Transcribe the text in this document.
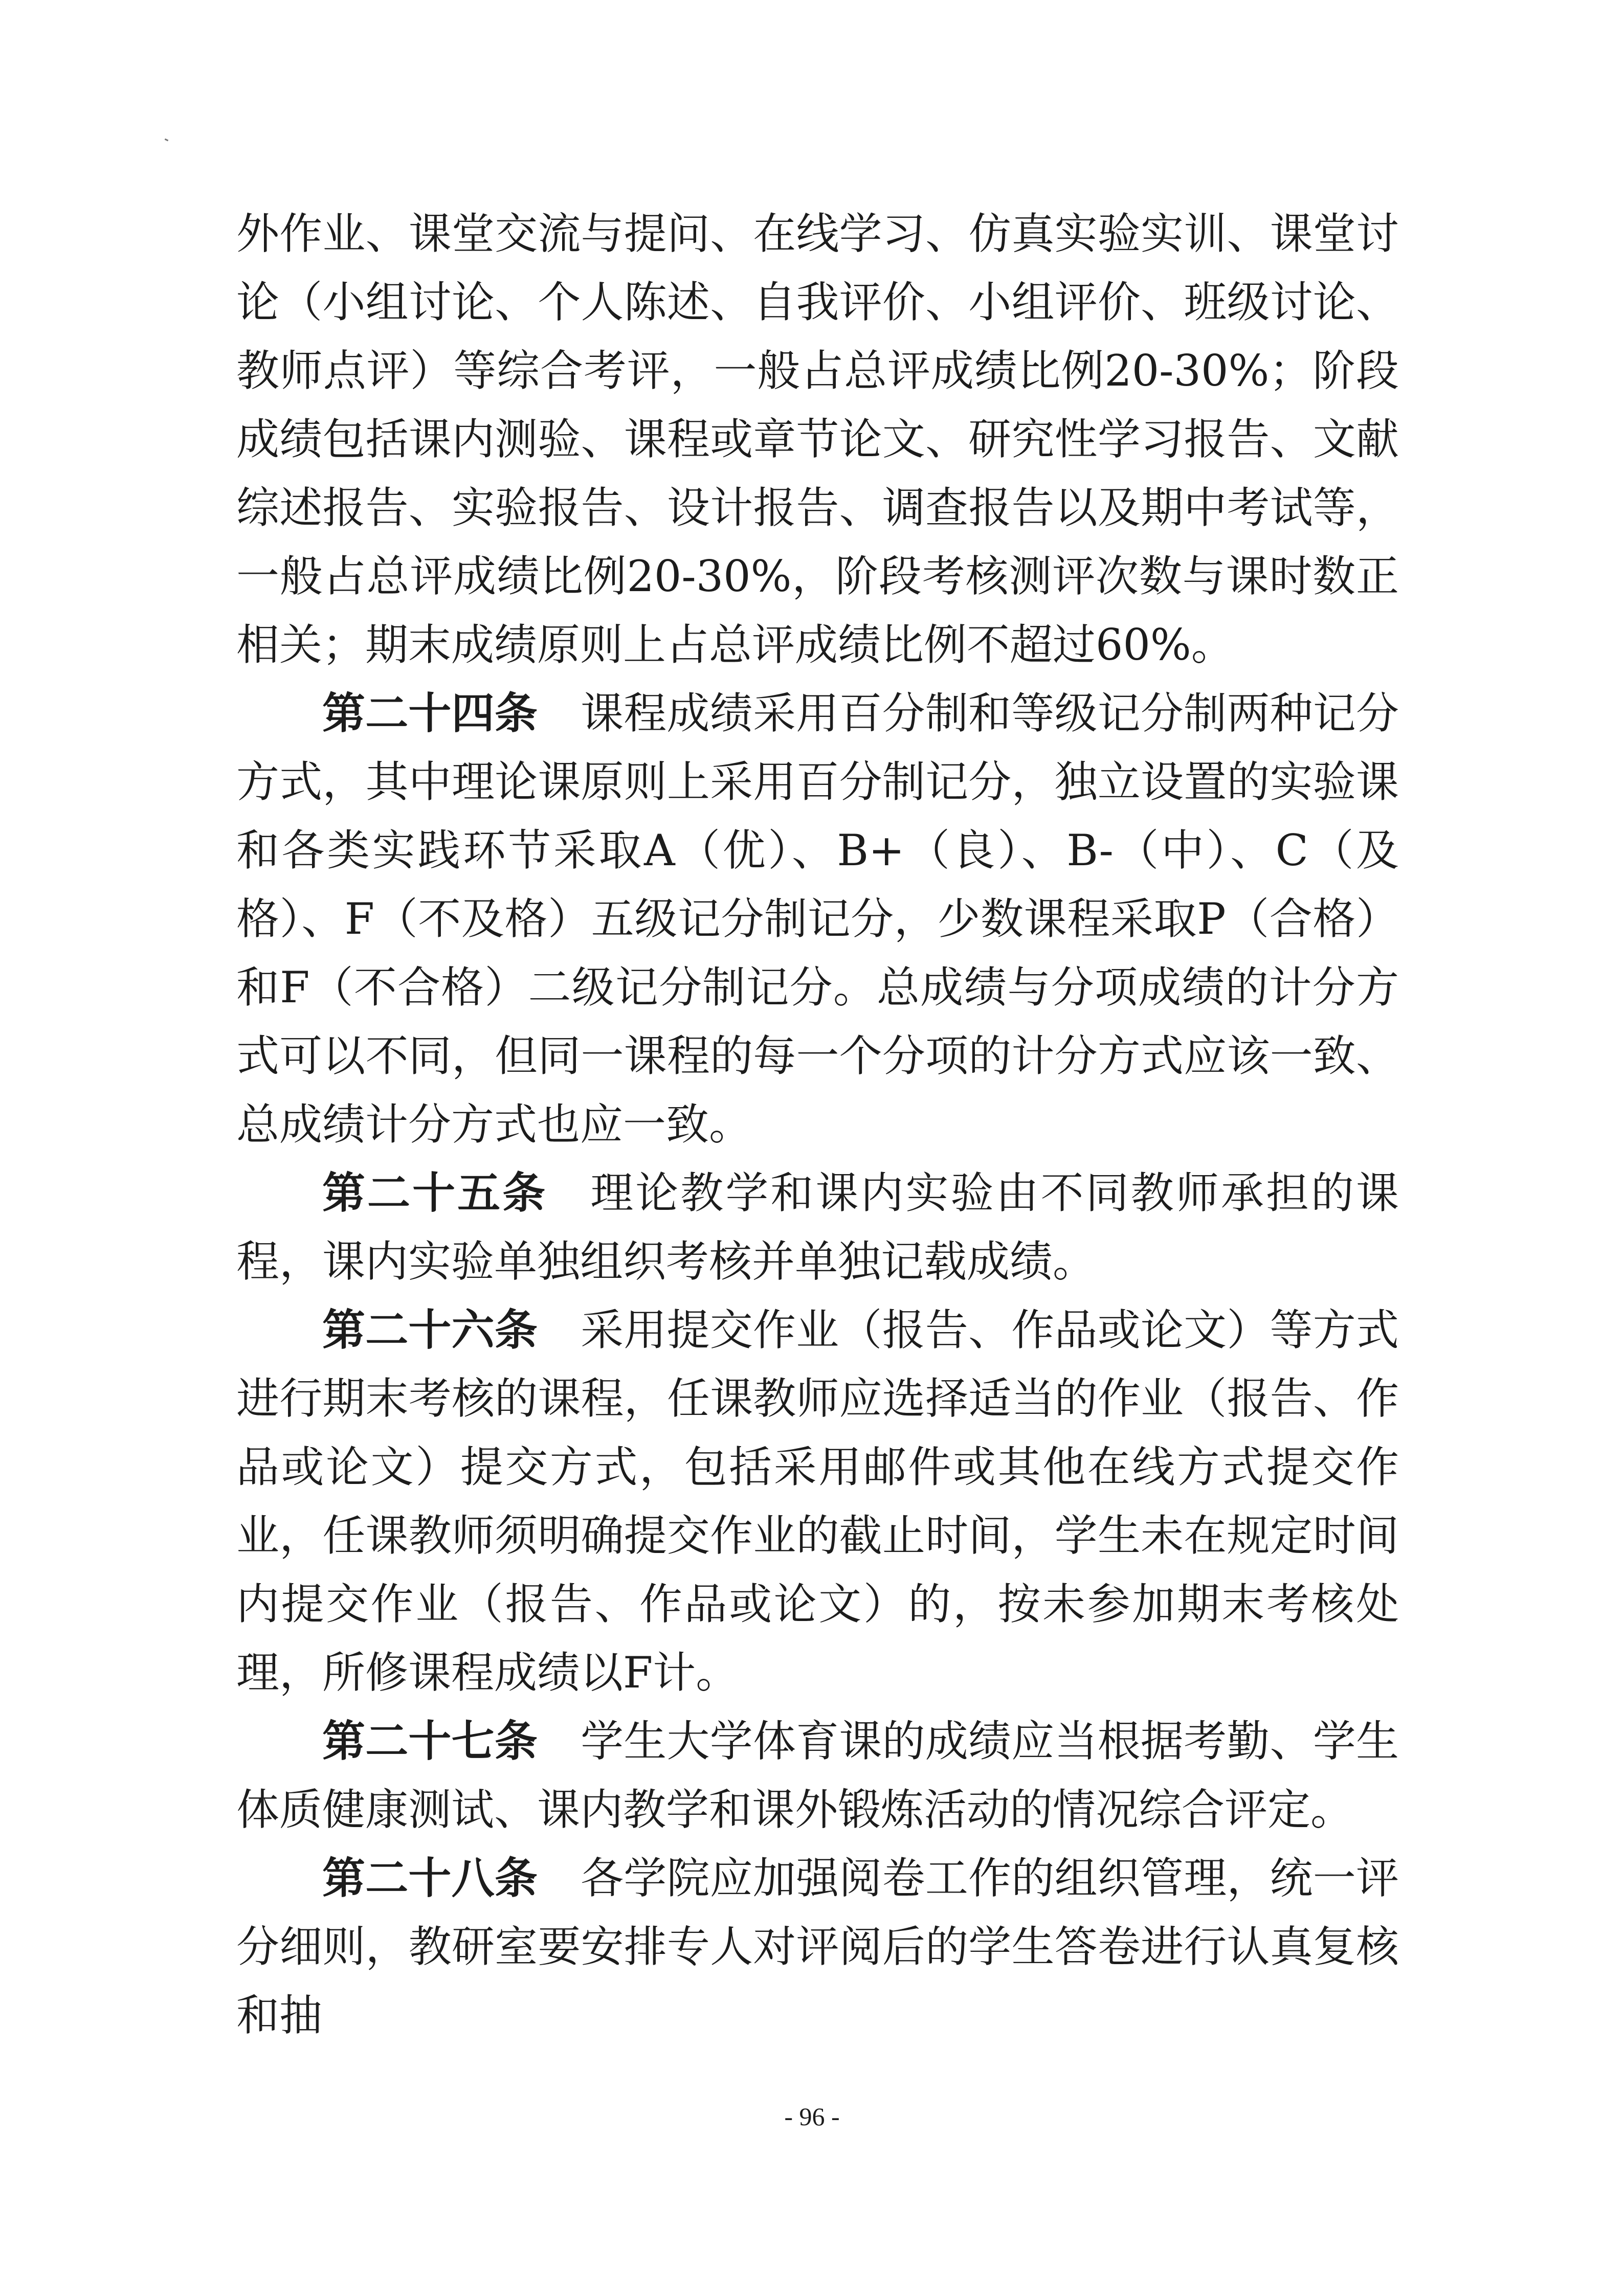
外作业、课堂交流与提问、在线学习、仿真实验实训、课堂讨论（小组讨论、个人陈述、自我评价、小组评价、班级讨论、教师点评）等综合考评，一般占总评成绩比例20-30%；阶段成绩包括课内测验、课程或章节论文、研究性学习报告、文献综述报告、实验报告、设计报告、调查报告以及期中考试等，一般占总评成绩比例20-30%，阶段考核测评次数与课时数正相关；期末成绩原则上占总评成绩比例不超过60%。

第二十四条 课程成绩采用百分制和等级记分制两种记分方式，其中理论课原则上采用百分制记分，独立设置的实验课和各类实践环节采取A（优）、B+（良）、B-（中）、C（及格）、F（不及格）五级记分制记分，少数课程采取P（合格）和F（不合格）二级记分制记分。总成绩与分项成绩的计分方式可以不同，但同一课程的每一个分项的计分方式应该一致、总成绩计分方式也应一致。

第二十五条 理论教学和课内实验由不同教师承担的课程，课内实验单独组织考核并单独记载成绩。

第二十六条 采用提交作业（报告、作品或论文）等方式进行期末考核的课程，任课教师应选择适当的作业（报告、作品或论文）提交方式，包括采用邮件或其他在线方式提交作业，任课教师须明确提交作业的截止时间，学生未在规定时间内提交作业（报告、作品或论文）的，按未参加期末考核处理，所修课程成绩以F计。

第二十七条 学生大学体育课的成绩应当根据考勤、学生体质健康测试、课内教学和课外锻炼活动的情况综合评定。

第二十八条 各学院应加强阅卷工作的组织管理，统一评分细则，教研室要安排专人对评阅后的学生答卷进行认真复核和抽

- 96 -
